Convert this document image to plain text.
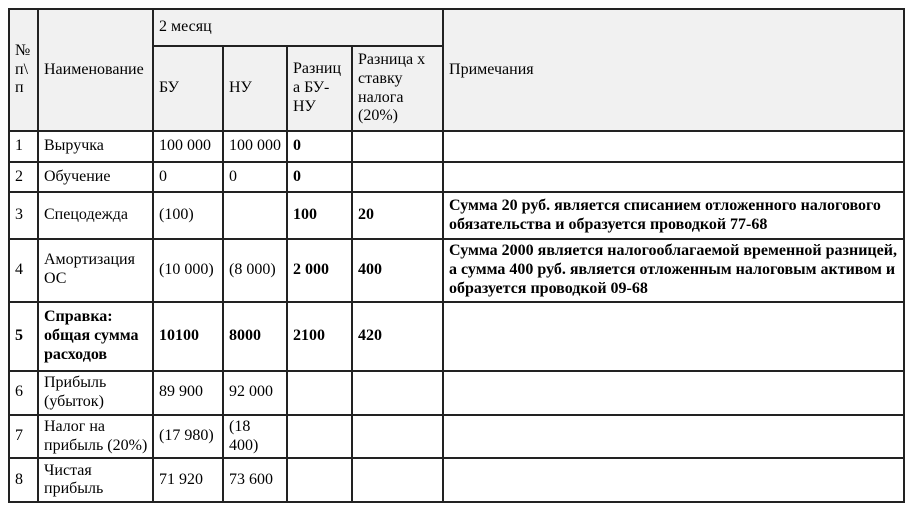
№ п\п	Наименование	2 месяц				Примечания
		БУ	НУ	Разница БУ-НУ	Разница х ставку налога (20%)	
1	Выручка	100 000	100 000	0		
2	Обучение	0	0	0		
3	Спецодежда	(100)		100	20	Сумма 20 руб. является списанием отложенного налогового обязательства и образуется проводкой 77-68
4	Амортизация ОС	(10 000)	(8 000)	2 000	400	Сумма 2000 является налогооблагаемой временной разницей, а сумма 400 руб. является отложенным налоговым активом и образуется проводкой 09-68
5	Справка: общая сумма расходов	10100	8000	2100	420	
6	Прибыль (убыток)	89 900	92 000			
7	Налог на прибыль (20%)	(17 980)	(18 400)			
8	Чистая прибыль	71 920	73 600			
